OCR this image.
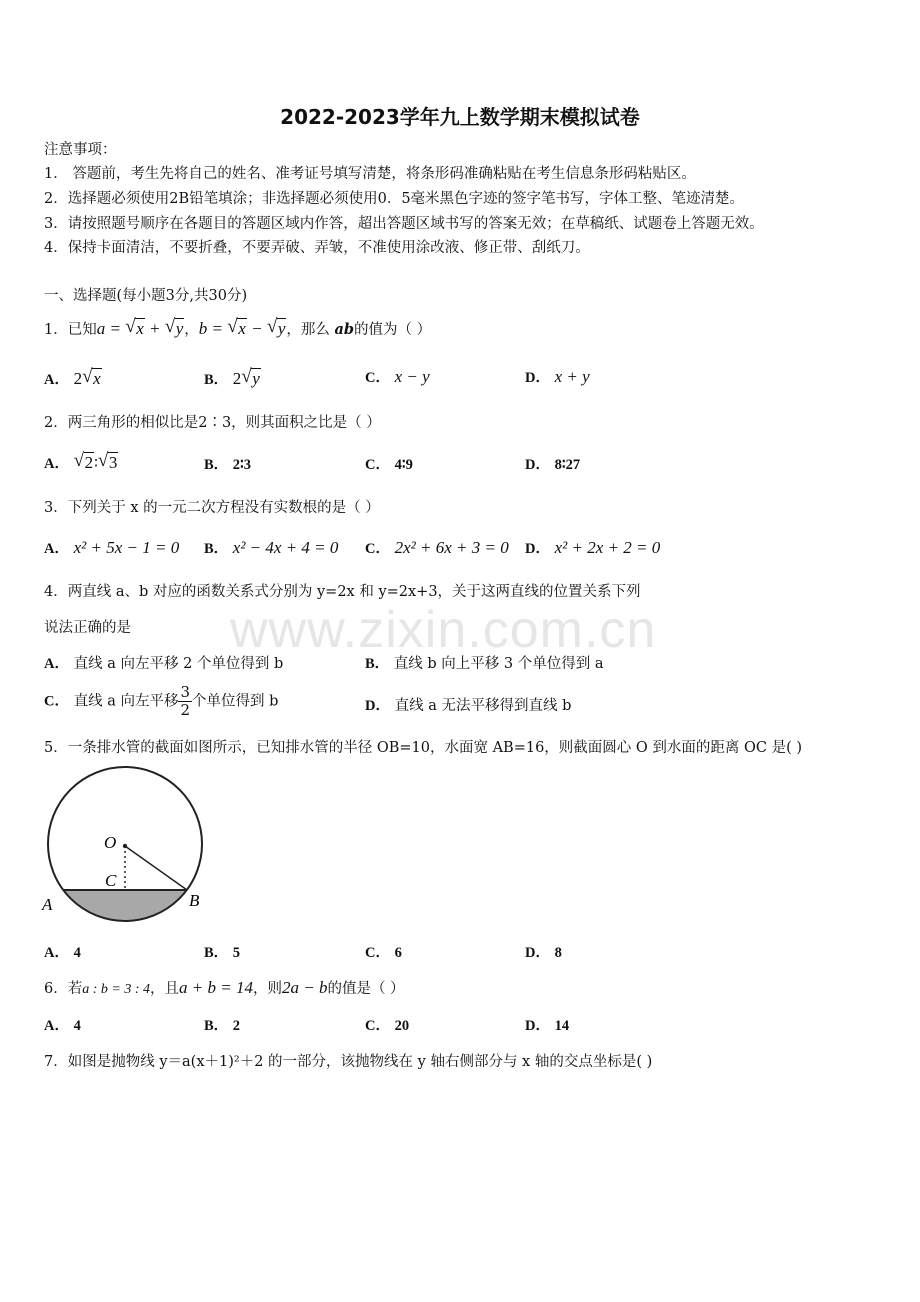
www.zixin.com.cn
2022-2023学年九上数学期末模拟试卷
注意事项：
1． 答题前，考生先将自己的姓名、准考证号填写清楚，将条形码准确粘贴在考生信息条形码粘贴区。
2．选择题必须使用2B铅笔填涂；非选择题必须使用0．5毫米黑色字迹的签字笔书写，字体工整、笔迹清楚。
3．请按照题号顺序在各题目的答题区域内作答，超出答题区域书写的答案无效；在草稿纸、试题卷上答题无效。
4．保持卡面清洁，不要折叠，不要弄破、弄皱，不准使用涂改液、修正带、刮纸刀。
一、选择题(每小题3分,共30分)
1．已知a = √ x + √ y，b = √ x − √ y，那么 ab的值为（ ）
A． 2 √ x	B． 2 √ y	C． x − y	D． x + y
2．两三角形的相似比是2∶3，则其面积之比是（ ）
A． √ 2∶ √ 3	B． 2∶3	C． 4∶9	D． 8∶27
3．下列关于 x 的一元二次方程没有实数根的是（ ）
A． x² + 5x − 1 = 0 B． x² − 4x + 4 = 0 C． 2x² + 6x + 3 = 0 D． x² + 2x + 2 = 0
4．两直线 a、b 对应的函数关系式分别为 y=2x 和 y=2x+3，关于这两直线的位置关系下列
说法正确的是
A． 直线 a 向左平移 2 个单位得到 b	B． 直线 b 向上平移 3 个单位得到 a
C． 直线 a 向左平移 $\frac{3}{2}$ 个单位得到 b	D． 直线 a 无法平移得到直线 b
5．一条排水管的截面如图所示，已知排水管的半径 OB=10，水面宽 AB=16，则截面圆心 O 到水面的距离 OC 是( )
O
C
A	B
A． 4	B． 5	C． 6	D． 8
6．若a : b = 3 : 4，且a + b = 14，则2a − b的值是（ ）
A． 4	B． 2	C． 20	D． 14
7．如图是抛物线 y＝a(x＋1)²＋2 的一部分，该抛物线在 y 轴右侧部分与 x 轴的交点坐标是( )
